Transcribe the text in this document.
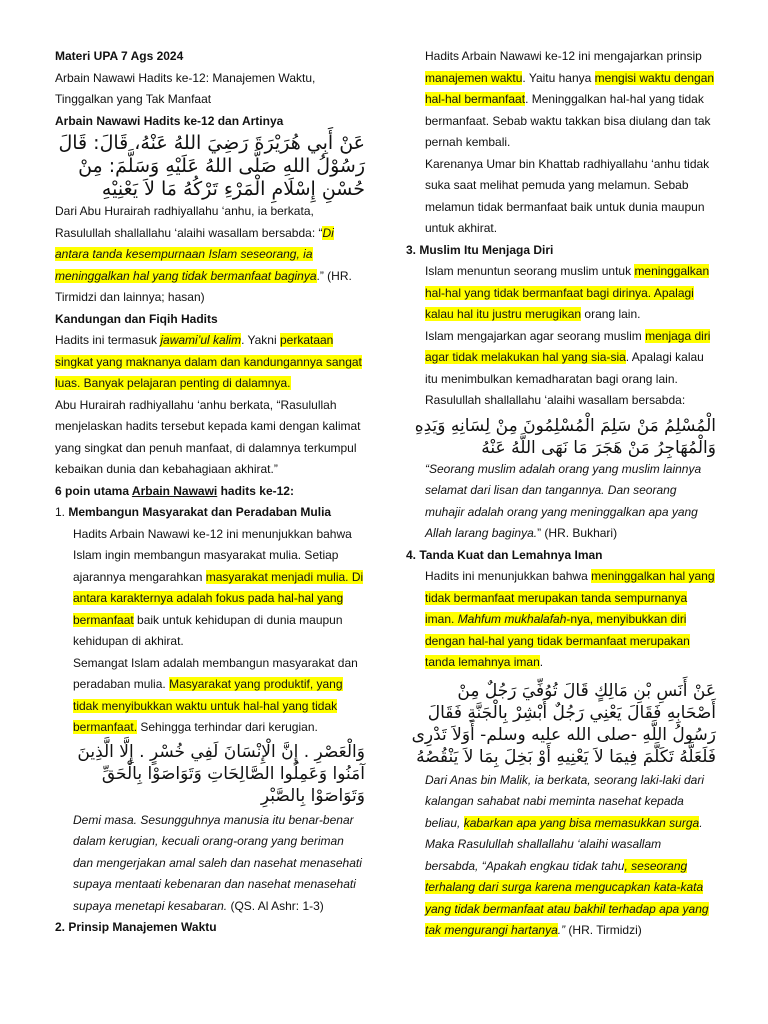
Materi UPA 7 Ags 2024

Arbain Nawawi Hadits ke-12: Manajemen Waktu,

Tinggalkan yang Tak Manfaat

Arbain Nawawi Hadits ke-12 dan Artinya

عَنْ أَبِي هُرَيْرَةَ رَضِيَ اللهُ عَنْهُ، قَالَ: قَالَ رَسُوْلُ اللهِ صَلَّى اللهُ عَلَيْهِ وَسَلَّمَ: مِنْ حُسْنِ إِسْلَامِ الْمَرْءِ تَرْكُهُ مَا لاَ يَعْنِيْهِ

Dari Abu Hurairah radhiyallahu ‘anhu, ia berkata,
Rasulullah shallallahu ‘alaihi wasallam bersabda: “Di antara tanda kesempurnaan Islam seseorang, ia meninggalkan hal yang tidak bermanfaat baginya.” (HR. Tirmidzi dan lainnya; hasan)

Kandungan dan Fiqih Hadits

Hadits ini termasuk jawami’ul kalim. Yakni perkataan singkat yang maknanya dalam dan kandungannya sangat luas. Banyak pelajaran penting di dalamnya.

Abu Hurairah radhiyallahu ‘anhu berkata, “Rasulullah menjelaskan hadits tersebut kepada kami dengan kalimat yang singkat dan penuh manfaat, di dalamnya terkumpul kebaikan dunia dan kebahagiaan akhirat.”

6 poin utama Arbain Nawawi hadits ke-12:

1. Membangun Masyarakat dan Peradaban Mulia

Hadits Arbain Nawawi ke-12 ini menunjukkan bahwa Islam ingin membangun masyarakat mulia. Setiap ajarannya mengarahkan masyarakat menjadi mulia. Di antara karakternya adalah fokus pada hal-hal yang bermanfaat baik untuk kehidupan di dunia maupun kehidupan di akhirat.

Semangat Islam adalah membangun masyarakat dan peradaban mulia. Masyarakat yang produktif, yang tidak menyibukkan waktu untuk hal-hal yang tidak bermanfaat. Sehingga terhindar dari kerugian.

وَالْعَصْرِ . إِنَّ الْإِنْسَانَ لَفِي خُسْرٍ . إِلَّا الَّذِينَ آمَنُوا وَعَمِلُوا الصَّالِحَاتِ وَتَوَاصَوْا بِالْحَقِّ وَتَوَاصَوْا بِالصَّبْرِ

Demi masa. Sesungguhnya manusia itu benar-benar dalam kerugian, kecuali orang-orang yang beriman dan mengerjakan amal saleh dan nasehat menasehati supaya mentaati kebenaran dan nasehat menasehati supaya menetapi kesabaran. (QS. Al Ashr: 1-3)

2. Prinsip Manajemen Waktu

Hadits Arbain Nawawi ke-12 ini mengajarkan prinsip manajemen waktu. Yaitu hanya mengisi waktu dengan hal-hal bermanfaat. Meninggalkan hal-hal yang tidak bermanfaat. Sebab waktu takkan bisa diulang dan tak pernah kembali.

Karenanya Umar bin Khattab radhiyallahu ‘anhu tidak suka saat melihat pemuda yang melamun. Sebab melamun tidak bermanfaat baik untuk dunia maupun untuk akhirat.

3. Muslim Itu Menjaga Diri

Islam menuntun seorang muslim untuk meninggalkan hal-hal yang tidak bermanfaat bagi dirinya. Apalagi kalau hal itu justru merugikan orang lain.

Islam mengajarkan agar seorang muslim menjaga diri agar tidak melakukan hal yang sia-sia. Apalagi kalau itu menimbulkan kemadharatan bagi orang lain. Rasulullah shallallahu ‘alaihi wasallam bersabda:

الْمُسْلِمُ مَنْ سَلِمَ الْمُسْلِمُونَ مِنْ لِسَانِهِ وَيَدِهِ وَالْمُهَاجِرُ مَنْ هَجَرَ مَا نَهَى اللَّهُ عَنْهُ

“Seorang muslim adalah orang yang muslim lainnya selamat dari lisan dan tangannya. Dan seorang muhajir adalah orang yang meninggalkan apa yang Allah larang baginya.” (HR. Bukhari)

4. Tanda Kuat dan Lemahnya Iman

Hadits ini menunjukkan bahwa meninggalkan hal yang tidak bermanfaat merupakan tanda sempurnanya iman. Mahfum mukhalafah-nya, menyibukkan diri dengan hal-hal yang tidak bermanfaat merupakan tanda lemahnya iman.

عَنْ أَنَسِ بْنِ مَالِكٍ قَالَ تُوُفِّيَ رَجُلٌ مِنْ أَصْحَابِهِ فَقَالَ يَعْنِي رَجُلٌ أَبْشِرْ بِالْجَنَّةِ فَقَالَ رَسُولُ اللَّهِ -صلى الله عليه وسلم- أَوَلاَ تَدْرِى فَلَعَلَّهُ تَكَلَّمَ فِيمَا لاَ يَعْنِيهِ أَوْ بَخِلَ بِمَا لاَ يَنْقُصُهُ

Dari Anas bin Malik, ia berkata, seorang laki-laki dari kalangan sahabat nabi meminta nasehat kepada beliau, kabarkan apa yang bisa memasukkan surga. Maka Rasulullah shallallahu ‘alaihi wasallam bersabda, “Apakah engkau tidak tahu, seseorang terhalang dari surga karena mengucapkan kata-kata yang tidak bermanfaat atau bakhil terhadap apa yang tak mengurangi hartanya.” (HR. Tirmidzi)
